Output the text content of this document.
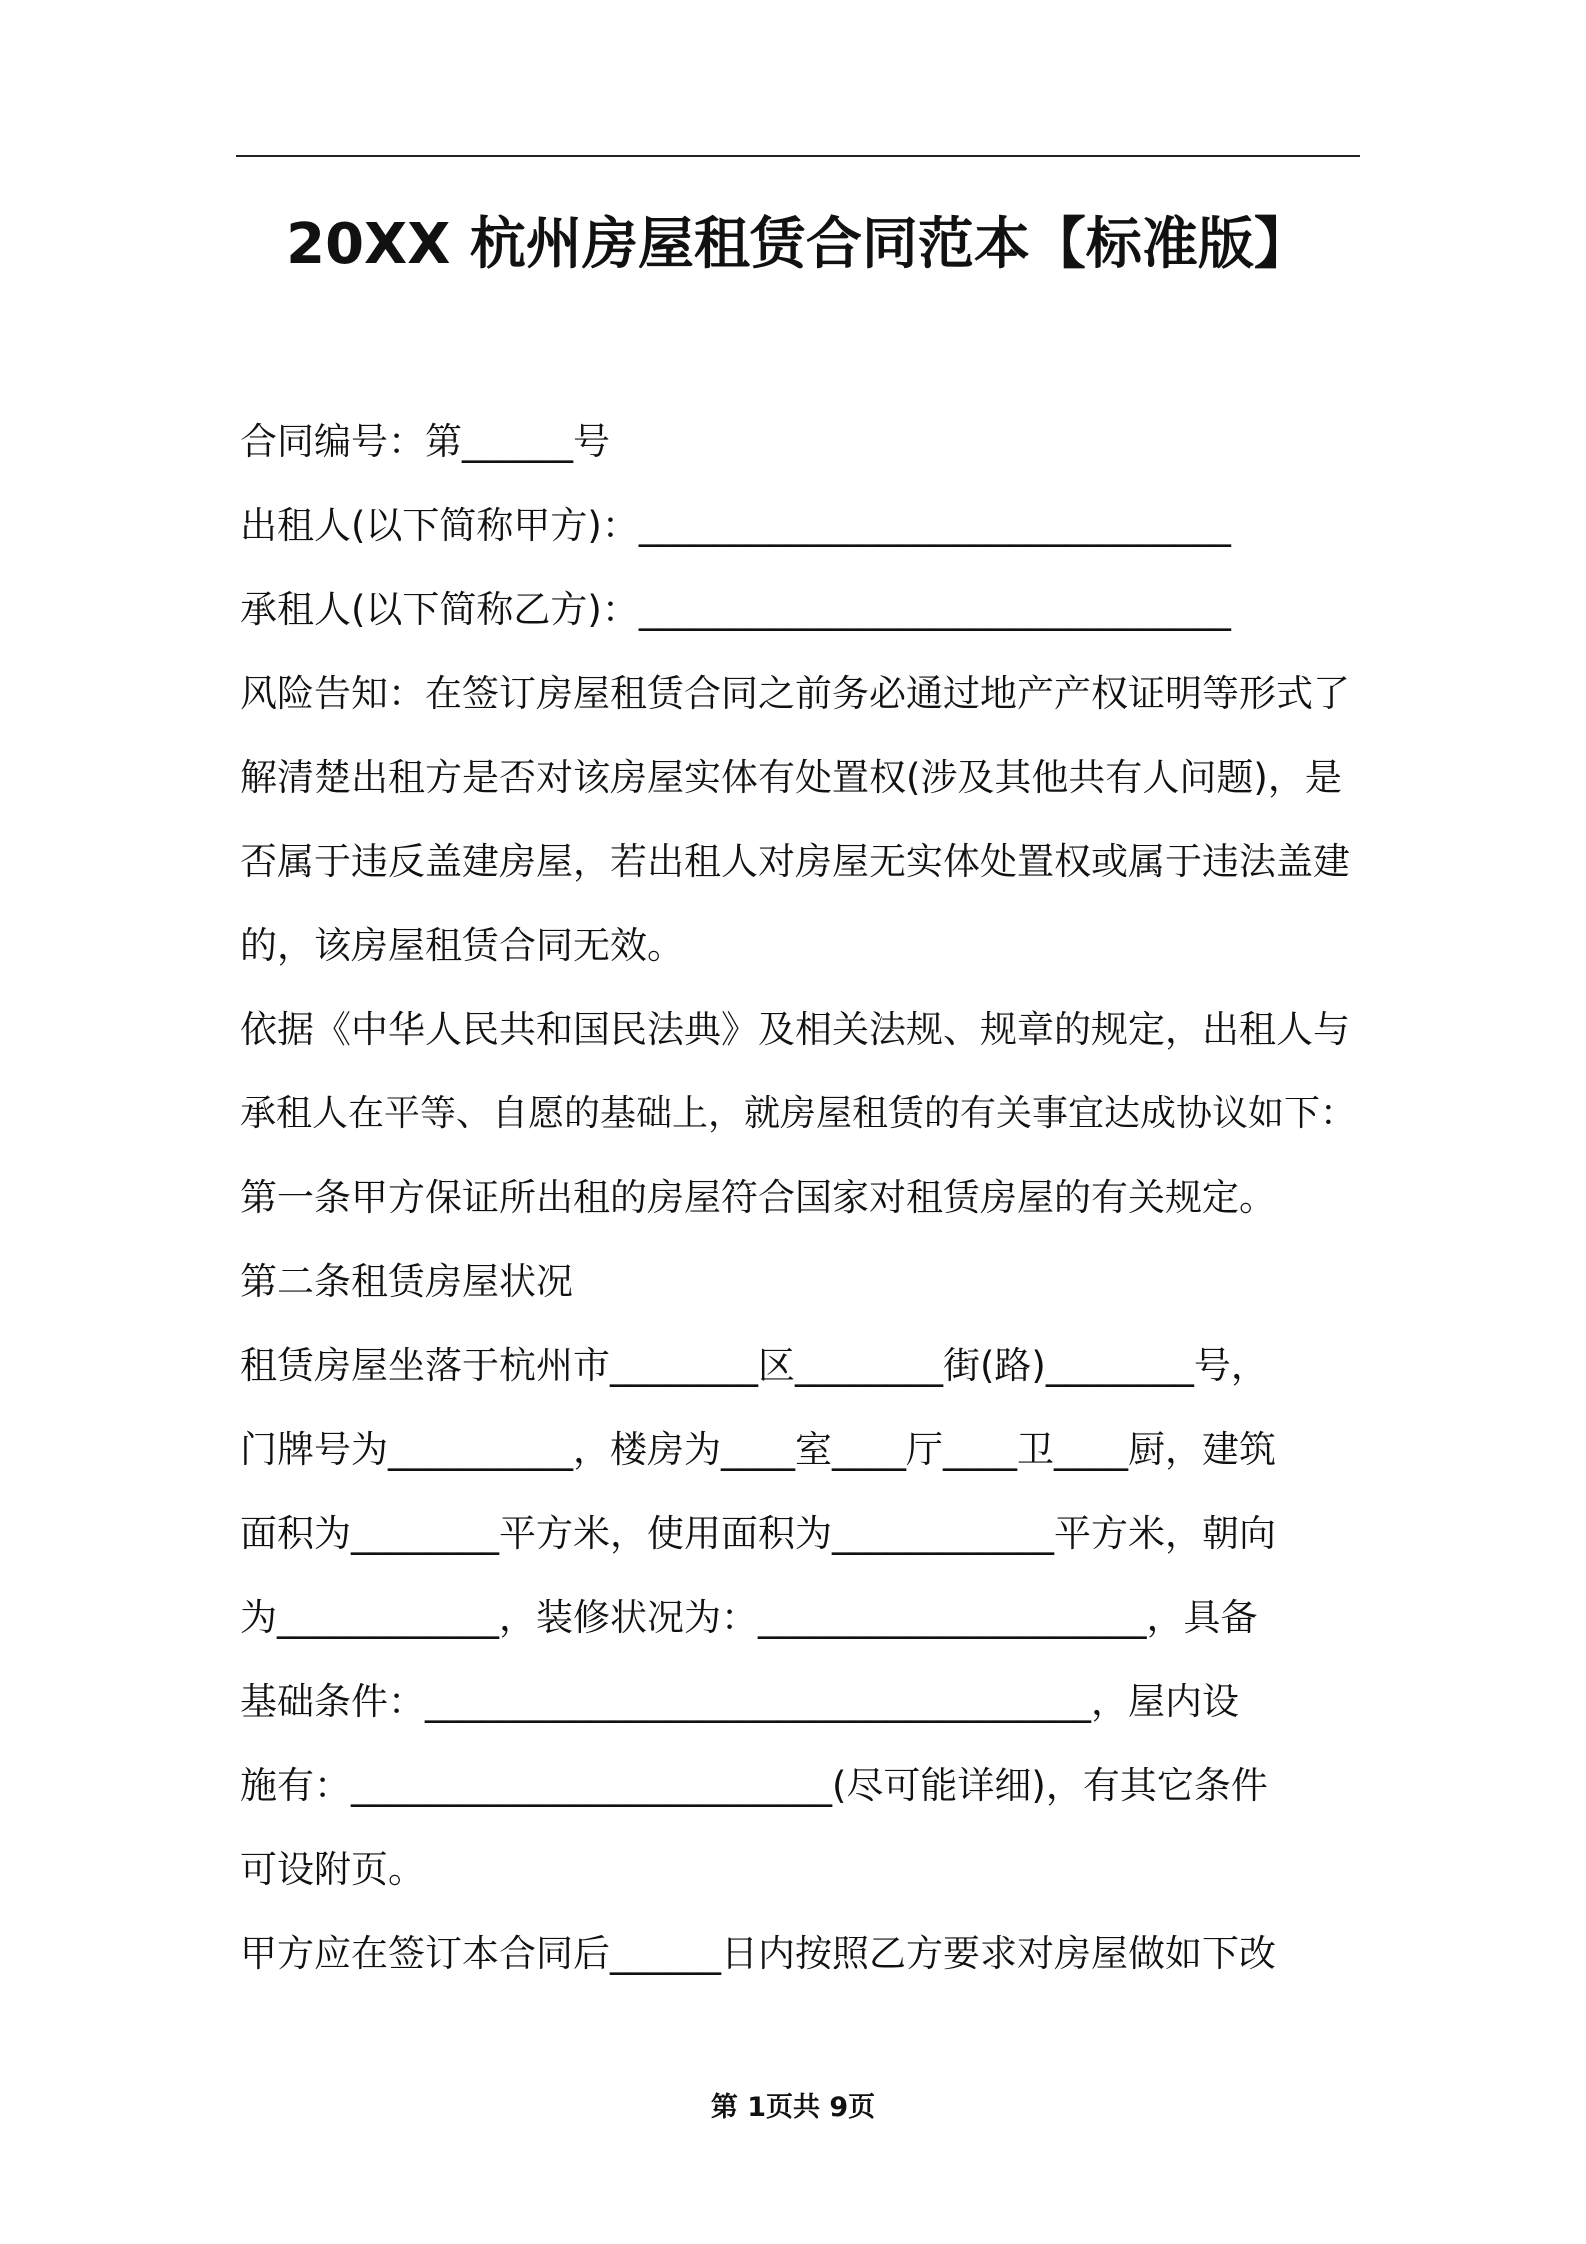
20XX 杭州房屋租赁合同范本【标准版】
合同编号：第______号
出租人(以下简称甲方)：________________________________
承租人(以下简称乙方)：________________________________
风险告知：在签订房屋租赁合同之前务必通过地产产权证明等形式了
解清楚出租方是否对该房屋实体有处置权(涉及其他共有人问题)，是
否属于违反盖建房屋，若出租人对房屋无实体处置权或属于违法盖建
的，该房屋租赁合同无效。
依据《中华人民共和国民法典》及相关法规、规章的规定，出租人与
承租人在平等、自愿的基础上，就房屋租赁的有关事宜达成协议如下：
第一条甲方保证所出租的房屋符合国家对租赁房屋的有关规定。
第二条租赁房屋状况
租赁房屋坐落于杭州市________区________街(路)________号，
门牌号为__________，楼房为____室____厅____卫____厨，建筑
面积为________平方米，使用面积为____________平方米，朝向
为____________，装修状况为：_____________________，具备
基础条件：____________________________________，屋内设
施有：__________________________(尽可能详细)，有其它条件
可设附页。
甲方应在签订本合同后______日内按照乙方要求对房屋做如下改
第 1页共 9页
